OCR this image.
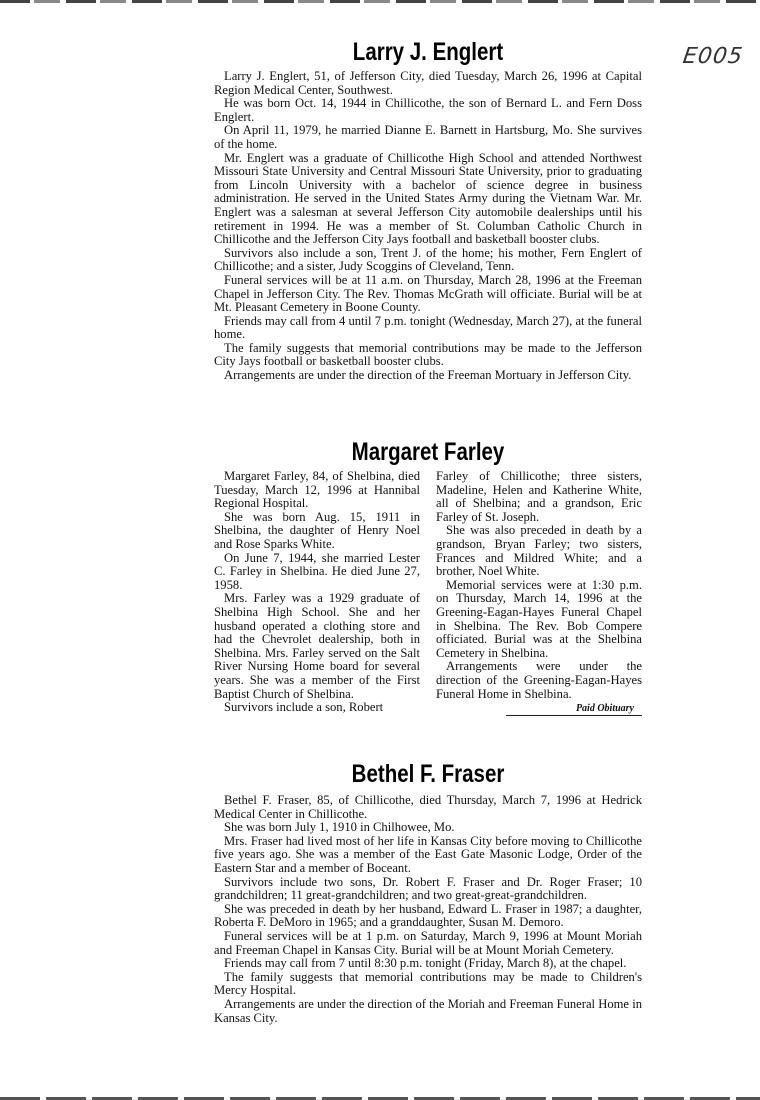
E005
Larry J. Englert

Larry J. Englert, 51, of Jefferson City, died Tuesday, March 26, 1996 at Capital Region Medical Center, Southwest.

He was born Oct. 14, 1944 in Chillicothe, the son of Bernard L. and Fern Doss Englert.

On April 11, 1979, he married Dianne E. Barnett in Hartsburg, Mo. She survives of the home.

Mr. Englert was a graduate of Chillicothe High School and attended Northwest Missouri State University and Central Missouri State University, prior to graduating from Lincoln University with a bachelor of science degree in business administration. He served in the United States Army during the Vietnam War. Mr. Englert was a salesman at several Jefferson City automobile dealerships until his retirement in 1994. He was a member of St. Columban Catholic Church in Chillicothe and the Jefferson City Jays football and basketball booster clubs.

Survivors also include a son, Trent J. of the home; his mother, Fern Englert of Chillicothe; and a sister, Judy Scoggins of Cleveland, Tenn.

Funeral services will be at 11 a.m. on Thursday, March 28, 1996 at the Freeman Chapel in Jefferson City. The Rev. Thomas McGrath will officiate. Burial will be at Mt. Pleasant Cemetery in Boone County.

Friends may call from 4 until 7 p.m. tonight (Wednesday, March 27), at the funeral home.

The family suggests that memorial contributions may be made to the Jefferson City Jays football or basketball booster clubs.

Arrangements are under the direction of the Freeman Mortuary in Jefferson City.

Margaret Farley

Margaret Farley, 84, of Shelbina, died Tuesday, March 12, 1996 at Hannibal Regional Hospital.

She was born Aug. 15, 1911 in Shelbina, the daughter of Henry Noel and Rose Sparks White.

On June 7, 1944, she married Lester C. Farley in Shelbina. He died June 27, 1958.

Mrs. Farley was a 1929 graduate of Shelbina High School. She and her husband operated a clothing store and had the Chevrolet dealership, both in Shelbina. Mrs. Farley served on the Salt River Nursing Home board for several years. She was a member of the First Baptist Church of Shelbina.

Survivors include a son, Robert

Farley of Chillicothe; three sisters, Madeline, Helen and Katherine White, all of Shelbina; and a grandson, Eric Farley of St. Joseph.

She was also preceded in death by a grandson, Bryan Farley; two sisters, Frances and Mildred White; and a brother, Noel White.

Memorial services were at 1:30 p.m. on Thursday, March 14, 1996 at the Greening-Eagan-Hayes Funeral Chapel in Shelbina. The Rev. Bob Compere officiated. Burial was at the Shelbina Cemetery in Shelbina.

Arrangements were under the direction of the Greening-Eagan-Hayes Funeral Home in Shelbina.

Paid Obituary
Bethel F. Fraser

Bethel F. Fraser, 85, of Chillicothe, died Thursday, March 7, 1996 at Hedrick Medical Center in Chillicothe.

She was born July 1, 1910 in Chilhowee, Mo.

Mrs. Fraser had lived most of her life in Kansas City before moving to Chillicothe five years ago. She was a member of the East Gate Masonic Lodge, Order of the Eastern Star and a member of Boceant.

Survivors include two sons, Dr. Robert F. Fraser and Dr. Roger Fraser; 10 grandchildren; 11 great-grandchildren; and two great-great-grandchildren.

She was preceded in death by her husband, Edward L. Fraser in 1987; a daughter, Roberta F. DeMoro in 1965; and a granddaughter, Susan M. Demoro.

Funeral services will be at 1 p.m. on Saturday, March 9, 1996 at Mount Moriah and Freeman Chapel in Kansas City. Burial will be at Mount Moriah Cemetery.

Friends may call from 7 until 8:30 p.m. tonight (Friday, March 8), at the chapel.

The family suggests that memorial contributions may be made to Children's Mercy Hospital.

Arrangements are under the direction of the Moriah and Freeman Funeral Home in Kansas City.
